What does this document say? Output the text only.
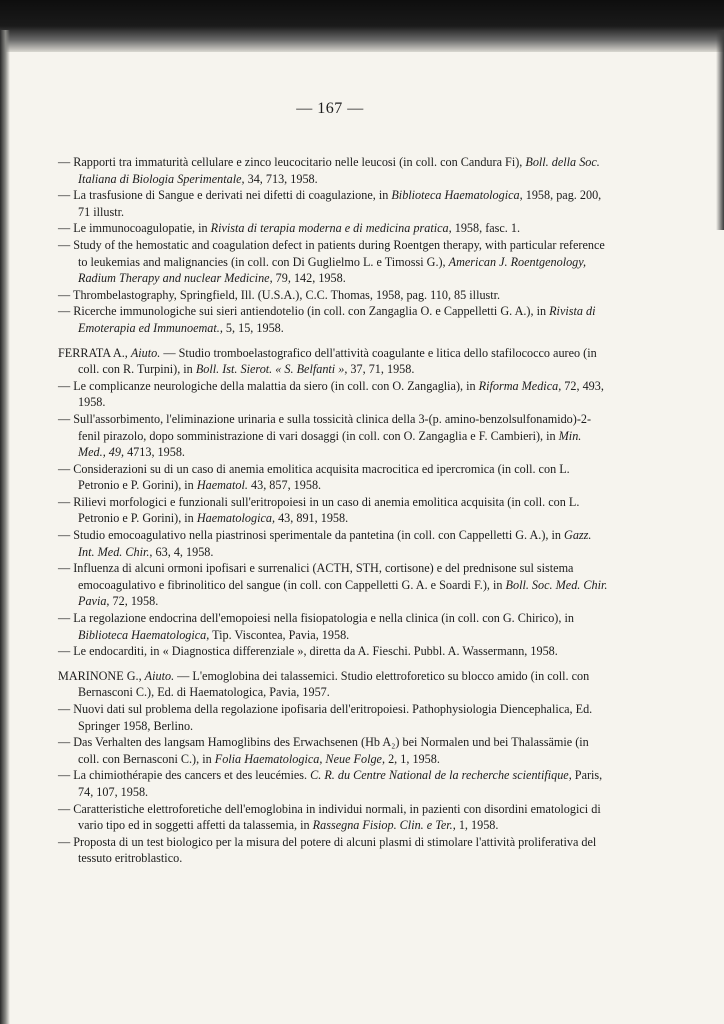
— 167 —
— Rapporti tra immaturità cellulare e zinco leucocitario nelle leucosi (in coll. con Candura Fi), Boll. della Soc. Italiana di Biologia Sperimentale, 34, 713, 1958.
— La trasfusione di Sangue e derivati nei difetti di coagulazione, in Biblioteca Haematologica, 1958, pag. 200, 71 illustr.
— Le immunocoagulopatie, in Rivista di terapia moderna e di medicina pratica, 1958, fasc. 1.
— Study of the hemostatic and coagulation defect in patients during Roentgen therapy, with particular reference to leukemias and malignancies (in coll. con Di Guglielmo L. e Timossi G.), American J. Roentgenology, Radium Therapy and nuclear Medicine, 79, 142, 1958.
— Thrombelastography, Springfield, Ill. (U.S.A.), C.C. Thomas, 1958, pag. 110, 85 illustr.
— Ricerche immunologiche sui sieri antiendotelio (in coll. con Zangaglia O. e Cappelletti G. A.), in Rivista di Emoterapia ed Immunoemat., 5, 15, 1958.
FERRATA A., Aiuto. — Studio tromboelastografico dell'attività coagulante e litica dello stafilococco aureo (in coll. con R. Turpini), in Boll. Ist. Sierot. « S. Belfanti », 37, 71, 1958.
— Le complicanze neurologiche della malattia da siero (in coll. con O. Zangaglia), in Riforma Medica, 72, 493, 1958.
— Sull'assorbimento, l'eliminazione urinaria e sulla tossicità clinica della 3-(p. amino-benzolsulfonamido)-2-fenil pirazolo, dopo somministrazione di vari dosaggi (in coll. con O. Zangaglia e F. Cambieri), in Min. Med., 49, 4713, 1958.
— Considerazioni su di un caso di anemia emolitica acquisita macrocitica ed ipercromica (in coll. con L. Petronio e P. Gorini), in Haematol. 43, 857, 1958.
— Rilievi morfologici e funzionali sull'eritropoiesi in un caso di anemia emolitica acquisita (in coll. con L. Petronio e P. Gorini), in Haematologica, 43, 891, 1958.
— Studio emocoagulativo nella piastrinosi sperimentale da pantetina (in coll. con Cappelletti G. A.), in Gazz. Int. Med. Chir., 63, 4, 1958.
— Influenza di alcuni ormoni ipofisari e surrenalici (ACTH, STH, cortisone) e del prednisone sul sistema emocoagulativo e fibrinolitico del sangue (in coll. con Cappelletti G. A. e Soardi F.), in Boll. Soc. Med. Chir. Pavia, 72, 1958.
— La regolazione endocrina dell'emopoiesi nella fisiopatologia e nella clinica (in coll. con G. Chirico), in Biblioteca Haematologica, Tip. Viscontea, Pavia, 1958.
— Le endocarditi, in « Diagnostica differenziale », diretta da A. Fieschi. Pubbl. A. Wassermann, 1958.
MARINONE G., Aiuto. — L'emoglobina dei talassemici. Studio elettroforetico su blocco amido (in coll. con Bernasconi C.), Ed. di Haematologica, Pavia, 1957.
— Nuovi dati sul problema della regolazione ipofisaria dell'eritropoiesi. Pathophysiologia Diencephalica, Ed. Springer 1958, Berlino.
— Das Verhalten des langsam Hamoglibins des Erwachsenen (Hb A₂) bei Normalen und bei Thalassämie (in coll. con Bernasconi C.), in Folia Haematologica, Neue Folge, 2, 1, 1958.
— La chimiothérapie des cancers et des leucémies. C. R. du Centre National de la recherche scientifique, Paris, 74, 107, 1958.
— Caratteristiche elettroforetiche dell'emoglobina in individui normali, in pazienti con disordini ematologici di vario tipo ed in soggetti affetti da talassemia, in Rassegna Fisiop. Clin. e Ter., 1, 1958.
— Proposta di un test biologico per la misura del potere di alcuni plasmi di stimolare l'attività proliferativa del tessuto eritroblastico.
